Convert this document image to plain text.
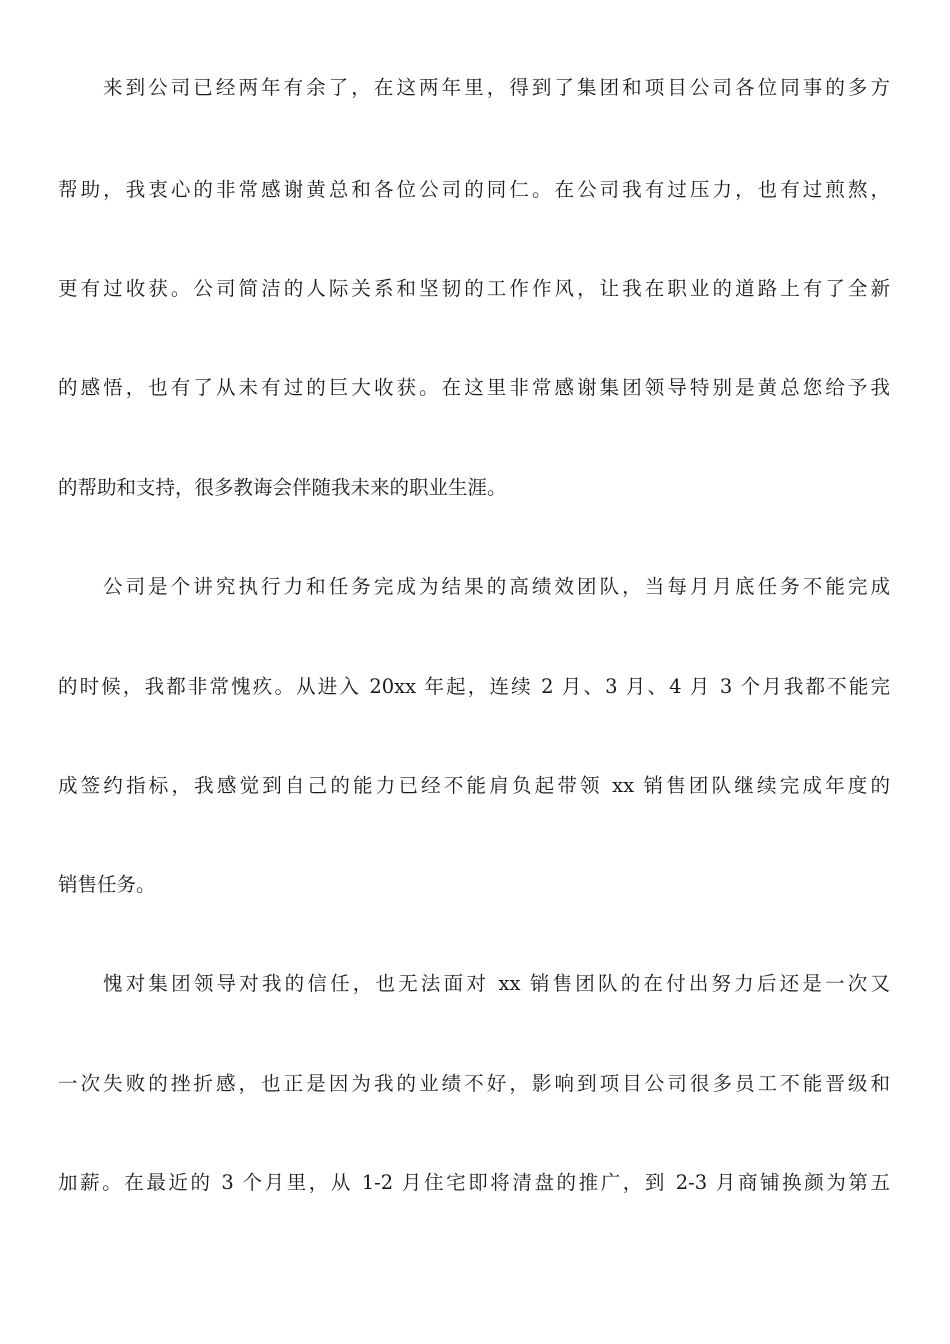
来到公司已经两年有余了，在这两年里，得到了集团和项目公司各位同事的多方
帮助，我衷心的非常感谢黄总和各位公司的同仁。在公司我有过压力，也有过煎熬，
更有过收获。公司简洁的人际关系和坚韧的工作作风，让我在职业的道路上有了全新
的感悟，也有了从未有过的巨大收获。在这里非常感谢集团领导特别是黄总您给予我
的帮助和支持，很多教诲会伴随我未来的职业生涯。
公司是个讲究执行力和任务完成为结果的高绩效团队，当每月月底任务不能完成
的时候，我都非常愧疚。从进入 20xx 年起，连续 2 月、3 月、4 月 3 个月我都不能完
成签约指标，我感觉到自己的能力已经不能肩负起带领 xx 销售团队继续完成年度的
销售任务。
愧对集团领导对我的信任，也无法面对 xx 销售团队的在付出努力后还是一次又
一次失败的挫折感，也正是因为我的业绩不好，影响到项目公司很多员工不能晋级和
加薪。在最近的 3 个月里，从 1-2 月住宅即将清盘的推广，到 2-3 月商铺换颜为第五
